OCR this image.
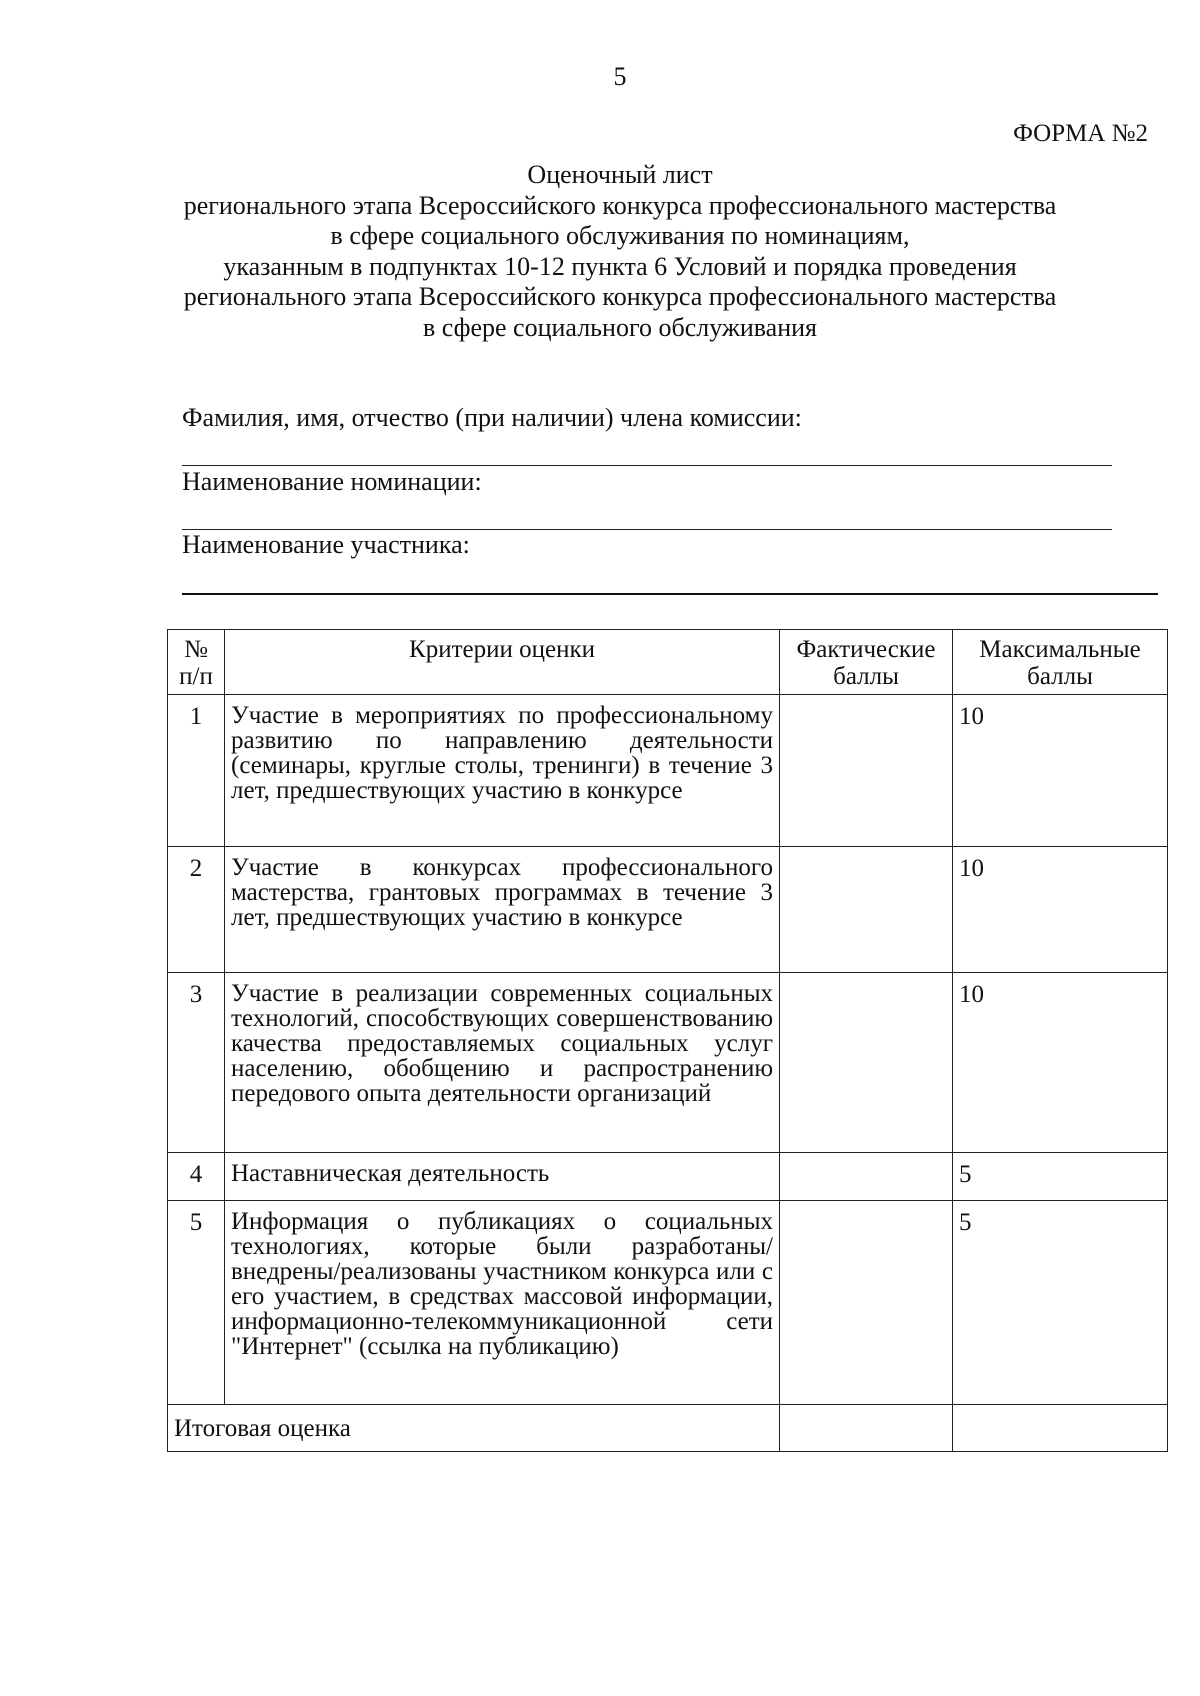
5
ФОРМА №2
Оценочный лист
регионального этапа Всероссийского конкурса профессионального мастерства
в сфере социального обслуживания по номинациям,
указанным в подпунктах 10-12 пункта 6 Условий и порядка проведения
регионального этапа Всероссийского конкурса профессионального мастерства
в сфере социального обслуживания
Фамилия, имя, отчество (при наличии) члена комиссии:
Наименование номинации:
Наименование участника:
№
п/п	Критерии оценки	Фактические баллы	Максимальные баллы
1	Участие в мероприятиях по профессиональному развитию по направлению деятельности (семинары, круглые столы, тренинги) в течение 3 лет, предшествующих участию в конкурсе		10
2	Участие в конкурсах профессионального мастерства, грантовых программах в течение 3 лет, предшествующих участию в конкурсе		10
3	Участие в реализации современных социальных технологий, способствующих совершенствованию качества предоставляемых социальных услуг населению, обобщению и распространению передового опыта деятельности организаций		10
4	Наставническая деятельность		5
5	Информация о публикациях о социальных технологиях, которые были разработаны/внедрены/реализованы участником конкурса или с его участием, в средствах массовой информации, информационно-телекоммуникационной сети "Интернет" (ссылка на публикацию)		5
Итоговая оценка			
